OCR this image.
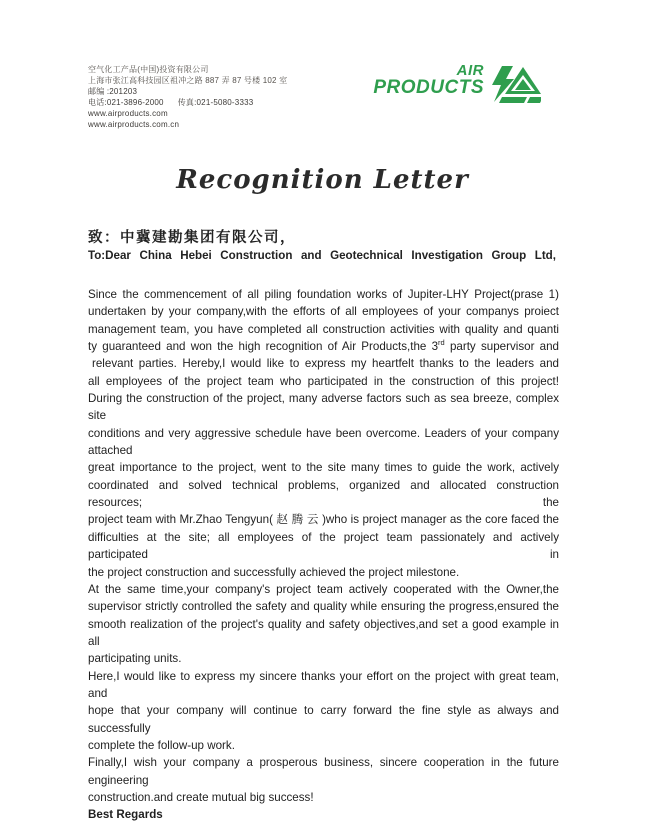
空气化工产品(中国)投资有限公司
上海市张江高科技园区祖冲之路 887 弄 87 号楼 102 室
邮编 :201203
电话:021-3896-2000 传真:021-5080-3333
www.airproducts.com
www.airproducts.com.cn
AIR
PRODUCTS
Recognition Letter
致：中冀建勘集团有限公司，
To:Dear China Hebei Construction and Geotechnical Investigation Group Ltd,
Since the commencement of all piling foundation works of Jupiter-LHY Project(prase 1)
undertaken by your company,with the efforts of all employees of your companys proiect
management team, you have completed all construction activities with quality and quanti
ty guaranteed and won the high recognition of Air Products,the 3rd party supervisor and
relevant parties. Hereby,I would like to express my heartfelt thanks to the leaders and
all employees of the project team who participated in the construction of this project!
During the construction of the project, many adverse factors such as sea breeze, complex site
conditions and very aggressive schedule have been overcome. Leaders of your company attached
great importance to the project, went to the site many times to guide the work, actively
coordinated and solved technical problems, organized and allocated construction resources; the
project team with Mr.Zhao Tengyun( 赵 腾 云 )who is project manager as the core faced the
difficulties at the site; all employees of the project team passionately and actively participated in
the project construction and successfully achieved the project milestone.
At the same time,your company's project team actively cooperated with the Owner,the
supervisor strictly controlled the safety and quality while ensuring the progress,ensured the
smooth realization of the project's quality and safety objectives,and set a good example in all
participating units.
Here,I would like to express my sincere thanks your effort on the project with great team, and
hope that your company will continue to carry forward the fine style as always and successfully
complete the follow-up work.
Finally,I wish your company a prosperous business, sincere cooperation in the future engineering
construction.and create mutual big success!
Best Regards
